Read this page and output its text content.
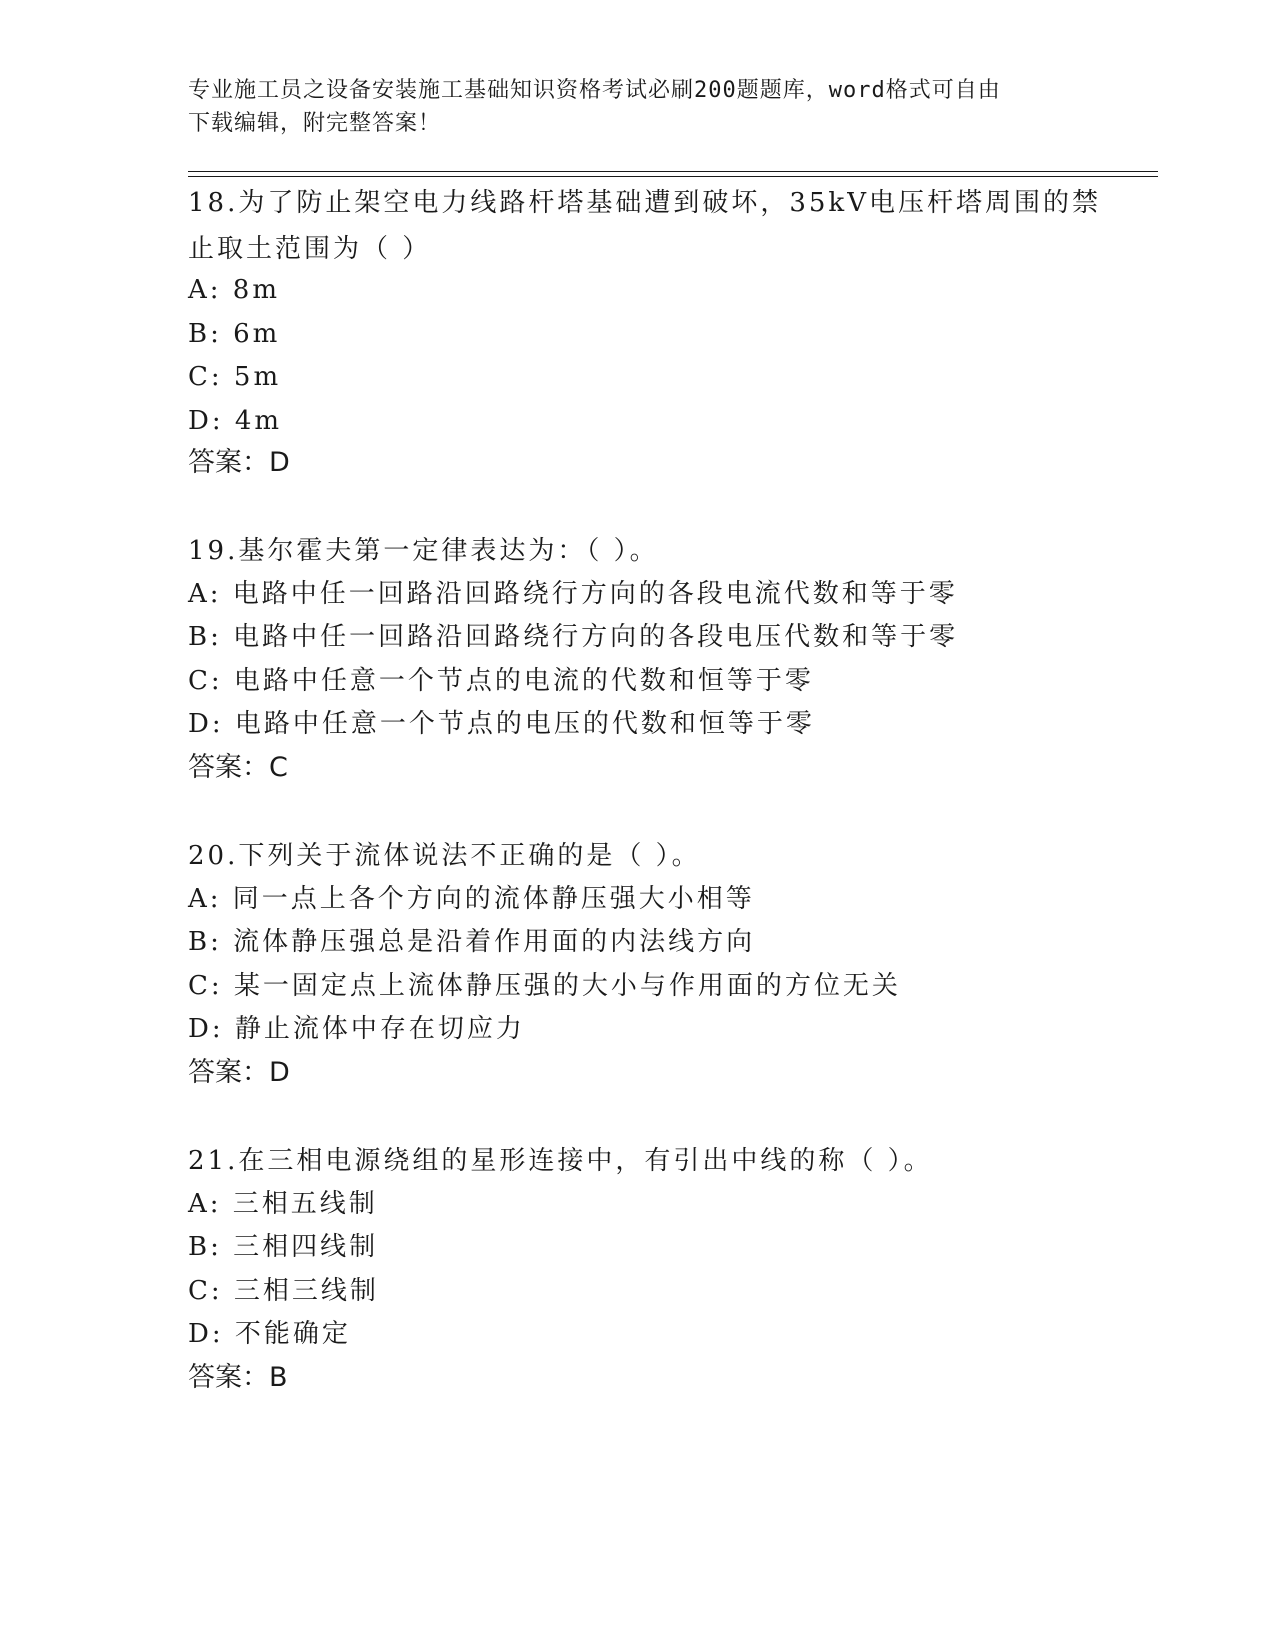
专业施工员之设备安装施工基础知识资格考试必刷200题题库，word格式可自由
下载编辑，附完整答案！
18.为了防止架空电力线路杆塔基础遭到破坏，35kV电压杆塔周围的禁止取土范围为（ ）
A: 8m
B: 6m
C: 5m
D: 4m
答案：D
19.基尔霍夫第一定律表达为：（ ）。
A: 电路中任一回路沿回路绕行方向的各段电流代数和等于零
B: 电路中任一回路沿回路绕行方向的各段电压代数和等于零
C: 电路中任意一个节点的电流的代数和恒等于零
D: 电路中任意一个节点的电压的代数和恒等于零
答案：C
20.下列关于流体说法不正确的是（ ）。
A: 同一点上各个方向的流体静压强大小相等
B: 流体静压强总是沿着作用面的内法线方向
C: 某一固定点上流体静压强的大小与作用面的方位无关
D: 静止流体中存在切应力
答案：D
21.在三相电源绕组的星形连接中，有引出中线的称（ ）。
A: 三相五线制
B: 三相四线制
C: 三相三线制
D: 不能确定
答案：B
